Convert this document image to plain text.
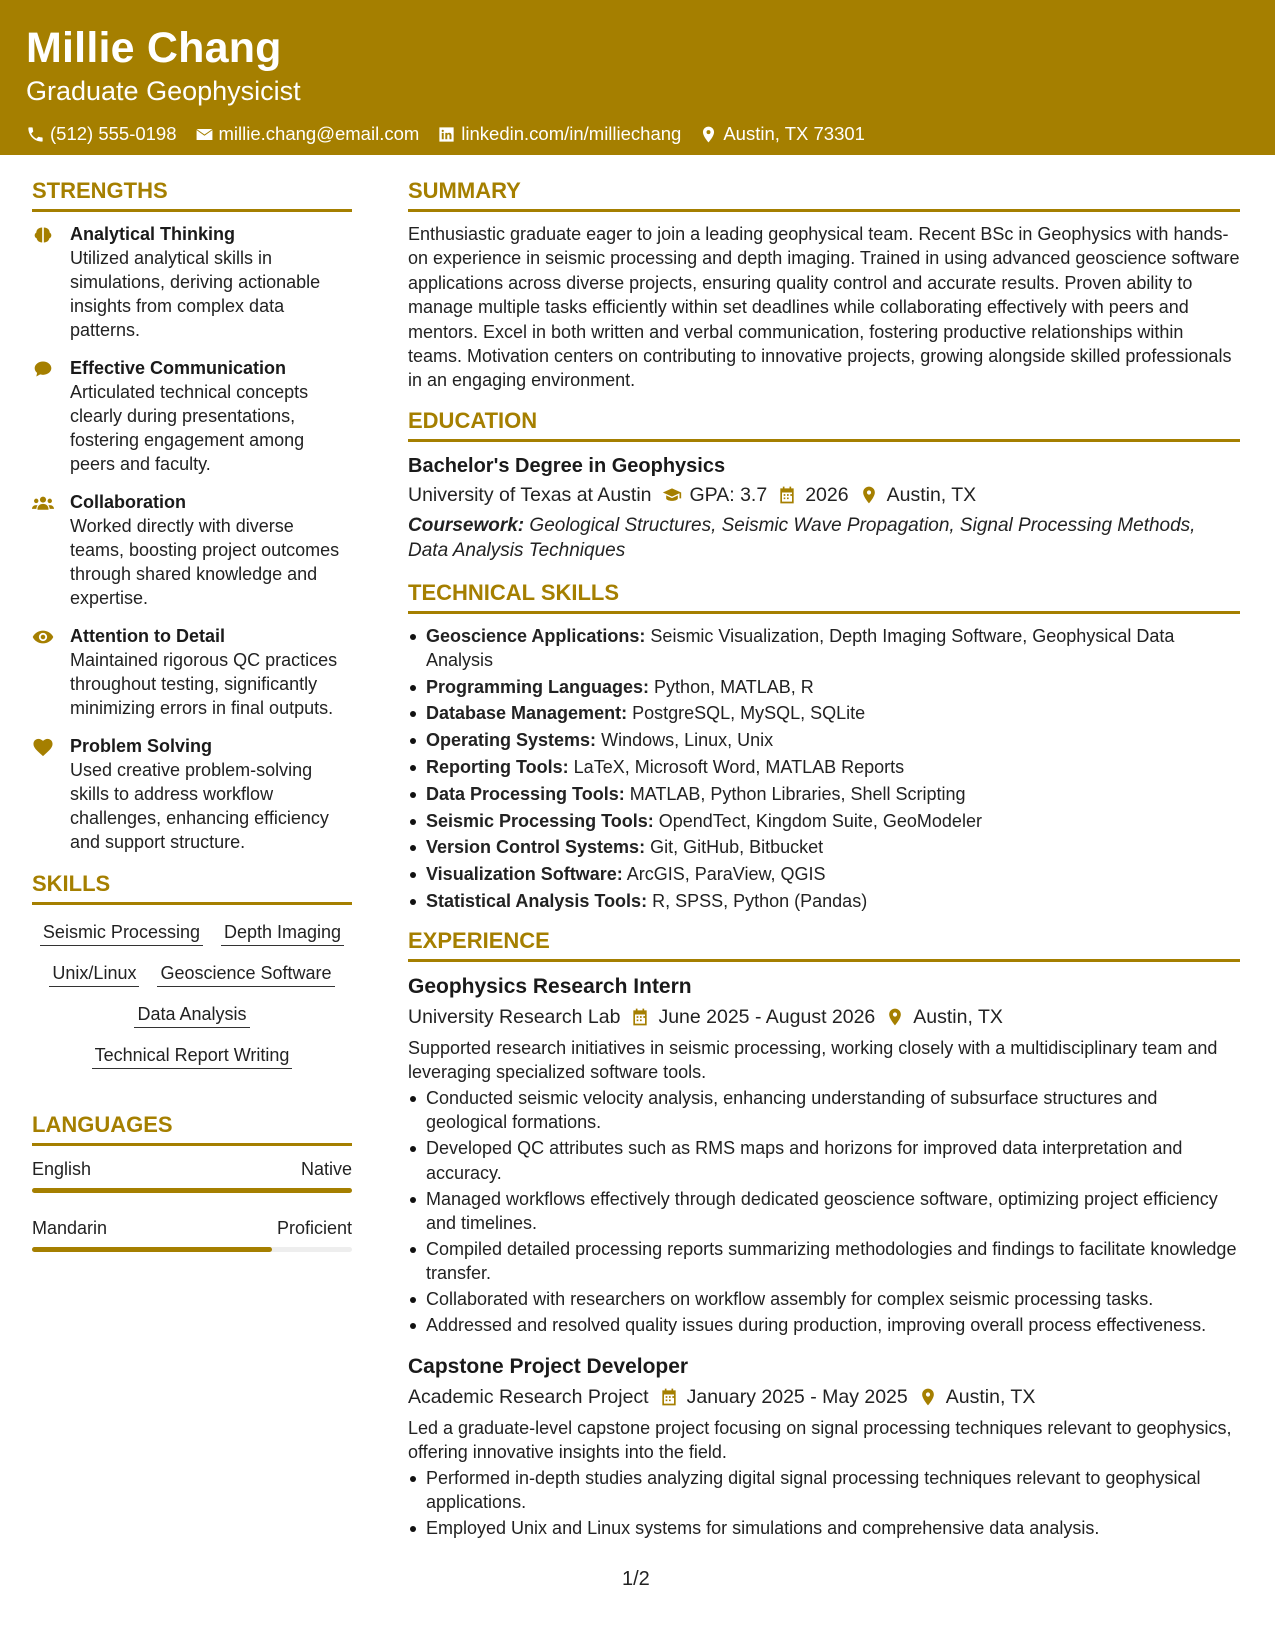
Millie Chang
Graduate Geophysicist
(512) 555-0198 millie.chang@email.com linkedin.com/in/milliechang Austin, TX 73301
STRENGTHS
Analytical Thinking
Utilized analytical skills in simulations, deriving actionable insights from complex data patterns.
Effective Communication
Articulated technical concepts clearly during presentations, fostering engagement among peers and faculty.
Collaboration
Worked directly with diverse teams, boosting project outcomes through shared knowledge and expertise.
Attention to Detail
Maintained rigorous QC practices throughout testing, significantly minimizing errors in final outputs.
Problem Solving
Used creative problem-solving skills to address workflow challenges, enhancing efficiency and support structure.
SKILLS
Seismic Processing Depth Imaging
Unix/Linux Geoscience Software
Data Analysis
Technical Report Writing
LANGUAGES
English	Native
Mandarin	Proficient
SUMMARY
Enthusiastic graduate eager to join a leading geophysical team. Recent BSc in Geophysics with hands-on experience in seismic processing and depth imaging. Trained in using advanced geoscience software applications across diverse projects, ensuring quality control and accurate results. Proven ability to manage multiple tasks efficiently within set deadlines while collaborating effectively with peers and mentors. Excel in both written and verbal communication, fostering productive relationships within teams. Motivation centers on contributing to innovative projects, growing alongside skilled professionals in an engaging environment.
EDUCATION
Bachelor's Degree in Geophysics
University of Texas at Austin GPA: 3.7 2026 Austin, TX
Coursework: Geological Structures, Seismic Wave Propagation, Signal Processing Methods, Data Analysis Techniques
TECHNICAL SKILLS
Geoscience Applications: Seismic Visualization, Depth Imaging Software, Geophysical Data Analysis
Programming Languages: Python, MATLAB, R
Database Management: PostgreSQL, MySQL, SQLite
Operating Systems: Windows, Linux, Unix
Reporting Tools: LaTeX, Microsoft Word, MATLAB Reports
Data Processing Tools: MATLAB, Python Libraries, Shell Scripting
Seismic Processing Tools: OpendTect, Kingdom Suite, GeoModeler
Version Control Systems: Git, GitHub, Bitbucket
Visualization Software: ArcGIS, ParaView, QGIS
Statistical Analysis Tools: R, SPSS, Python (Pandas)
EXPERIENCE
Geophysics Research Intern
University Research Lab June 2025 - August 2026 Austin, TX
Supported research initiatives in seismic processing, working closely with a multidisciplinary team and leveraging specialized software tools.
Conducted seismic velocity analysis, enhancing understanding of subsurface structures and geological formations.
Developed QC attributes such as RMS maps and horizons for improved data interpretation and accuracy.
Managed workflows effectively through dedicated geoscience software, optimizing project efficiency and timelines.
Compiled detailed processing reports summarizing methodologies and findings to facilitate knowledge transfer.
Collaborated with researchers on workflow assembly for complex seismic processing tasks.
Addressed and resolved quality issues during production, improving overall process effectiveness.
Capstone Project Developer
Academic Research Project January 2025 - May 2025 Austin, TX
Led a graduate-level capstone project focusing on signal processing techniques relevant to geophysics, offering innovative insights into the field.
Performed in-depth studies analyzing digital signal processing techniques relevant to geophysical applications.
Employed Unix and Linux systems for simulations and comprehensive data analysis.
1/2
